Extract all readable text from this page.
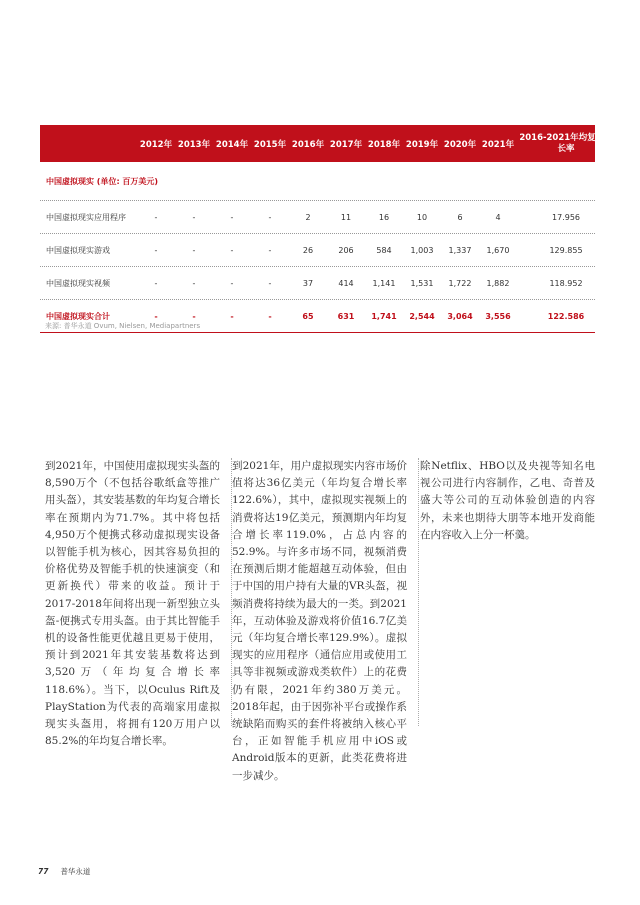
2012年 2013年 2014年 2015年 2016年 2017年 2018年 2019年 2020年 2021年
2016-2021年均复合增长率
中国虚拟现实 (单位: 百万美元)
中国虚拟现实应用程序	-	-	-	-	2	11	16	10	6	4	17.956
中国虚拟现实游戏	-	-	-	-	26	206	584	1,003	1,337	1,670	129.855
中国虚拟现实视频	-	-	-	-	37	414	1,141	1,531	1,722	1,882	118.952
中国虚拟现实合计	-	-	-	-	65	631	1,741	2,544	3,064	3,556	122.586
来源: 普华永道 Ovum, Nielsen, Mediapartners
到2021年，中国使用虚拟现实头盔的8,590万个（不包括谷歌纸盒等推广用头盔），其安装基数的年均复合增长率在预期内为71.7%。其中将包括4,950万个便携式移动虚拟现实设备以智能手机为核心，因其容易负担的价格优势及智能手机的快速演变（和更新换代）带来的收益。预计于2017-2018年间将出现一新型独立头盔-便携式专用头盔。由于其比智能手机的设备性能更优越且更易于使用，预计到2021年其安装基数将达到3,520万（年均复合增长率118.6%）。当下，以Oculus Rift及PlayStation为代表的高端家用虚拟现实头盔用，将拥有120万用户以85.2%的年均复合增长率。
到2021年，用户虚拟现实内容市场价值将达36亿美元（年均复合增长率122.6%），其中，虚拟现实视频上的消费将达19亿美元，预测期内年均复合增长率119.0%，占总内容的52.9%。与许多市场不同，视频消费在预测后期才能超越互动体验，但由于中国的用户持有大量的VR头盔，视频消费将持续为最大的一类。到2021年，互动体验及游戏将价值16.7亿美元（年均复合增长率129.9%）。虚拟现实的应用程序（通信应用或使用工具等非视频或游戏类软件）上的花费仍有限，2021年约380万美元。2018年起，由于因弥补平台或操作系统缺陷而购买的套件将被纳入核心平台，正如智能手机应用中iOS或Android版本的更新，此类花费将进一步减少。
除Netflix、HBO以及央视等知名电视公司进行内容制作，乙电、奇普及盛大等公司的互动体验创造的内容外，未来也期待大朋等本地开发商能在内容收入上分一杯羹。
77 普华永道
